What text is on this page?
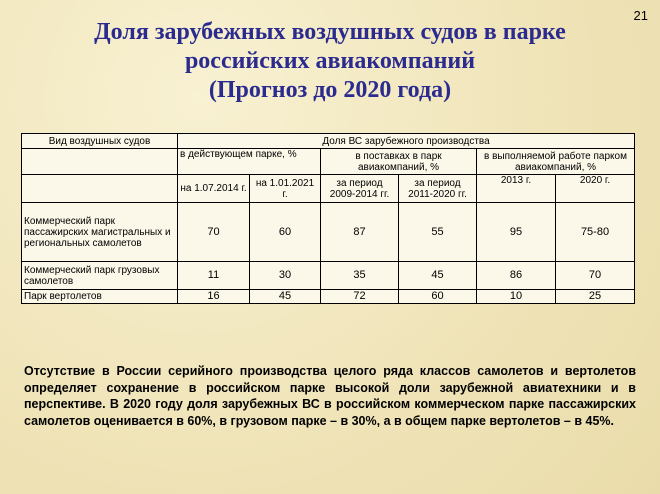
21
Доля зарубежных воздушных судов в парке
российских авиакомпаний
(Прогноз до 2020 года)
Вид воздушных судов	Доля ВС зарубежного производства					
	в действующем парке, %		в поставках в парк авиакомпаний, %		в выполняемой работе парком авиакомпаний, %	
	на 1.07.2014 г.	на 1.01.2021 г.	за период 2009-2014 гг.	за период 2011-2020 гг.	2013 г.	2020 г.
Коммерческий парк пассажирских магистральных и региональных самолетов	70	60	87	55	95	75-80
Коммерческий парк грузовых самолетов	11	30	35	45	86	70
Парк вертолетов	16	45	72	60	10	25
Отсутствие в России серийного производства целого ряда классов самолетов и вертолетов определяет сохранение в российском парке высокой доли зарубежной авиатехники и в перспективе. В 2020 году доля зарубежных ВС в российском коммерческом парке пассажирских самолетов оценивается в 60%, в грузовом парке – в 30%, а в общем парке вертолетов – в 45%.
